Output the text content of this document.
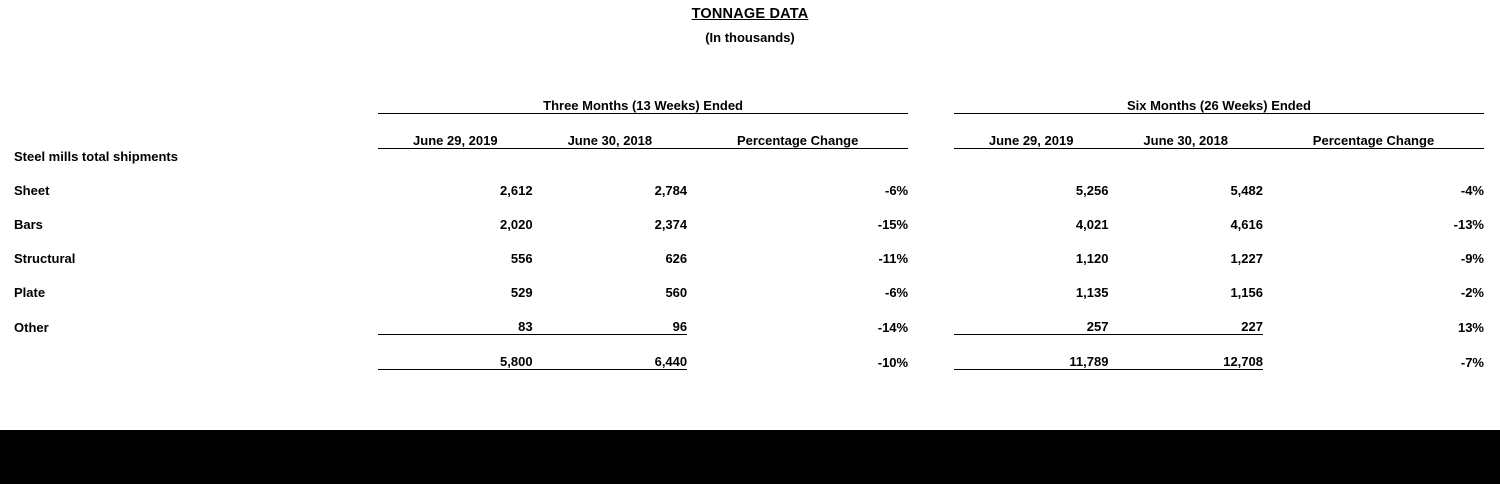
TONNAGE DATA
(In thousands)
	Three Months (13 Weeks) Ended				Six Months (26 Weeks) Ended		
	June 29, 2019	June 30, 2018	Percentage Change		June 29, 2019	June 30, 2018	Percentage Change
Steel mills total shipments							
Sheet	2,612	2,784	-6%		5,256	5,482	-4%
Bars	2,020	2,374	-15%		4,021	4,616	-13%
Structural	556	626	-11%		1,120	1,227	-9%
Plate	529	560	-6%		1,135	1,156	-2%
Other	83	96	-14%		257	227	13%
	5,800	6,440	-10%		11,789	12,708	-7%
